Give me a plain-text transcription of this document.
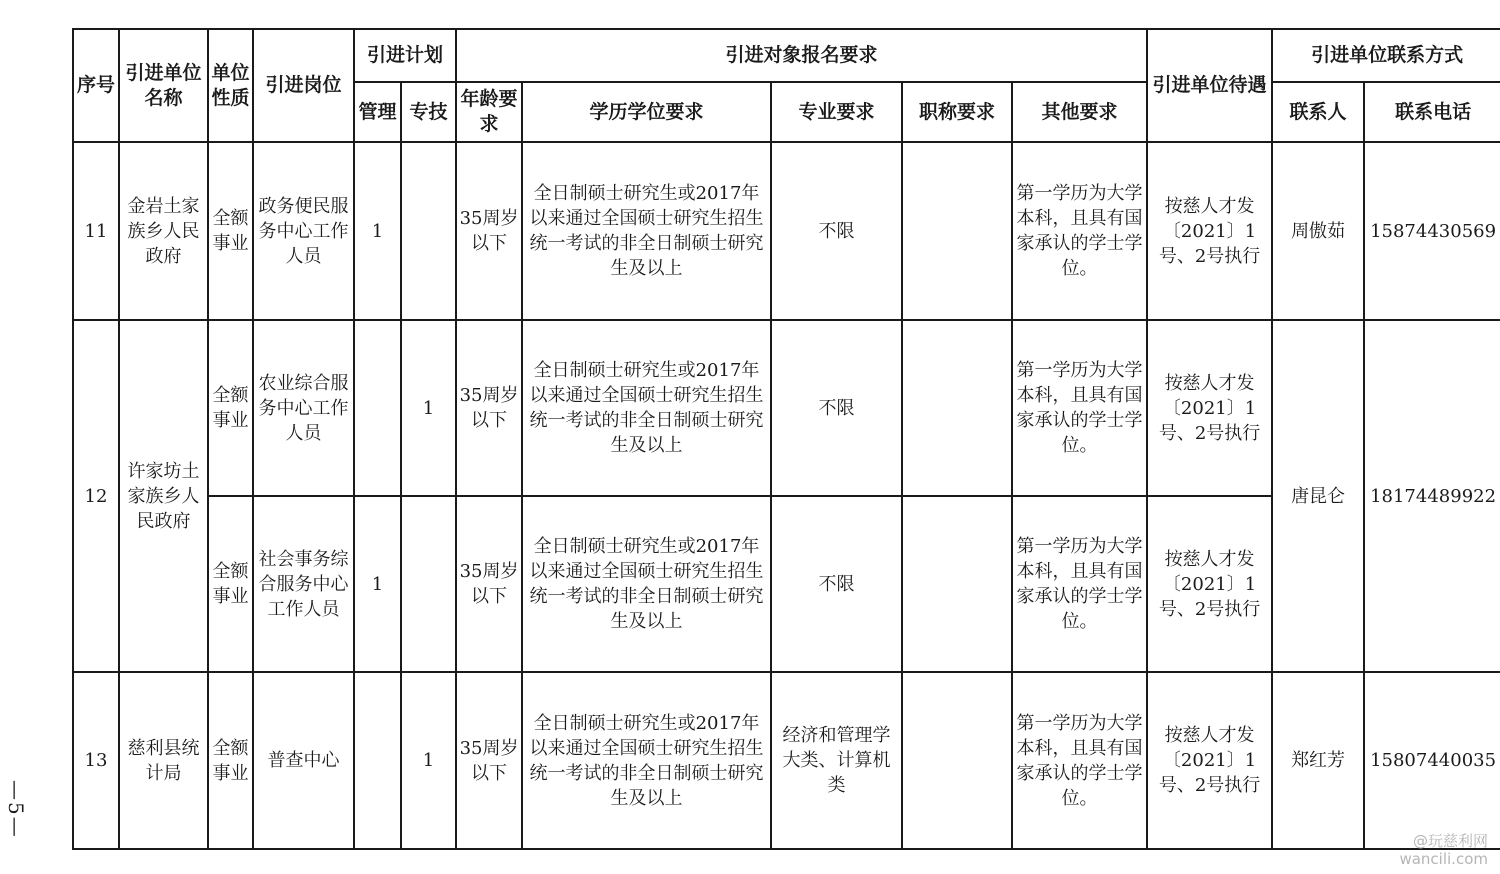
序号	引进单位名称	单位性质	引进岗位	引进计划		引进对象报名要求					引进单位待遇	引进单位联系方式	
				管理	专技	年龄要求	学历学位要求	专业要求	职称要求	其他要求		联系人	联系电话
11	金岩土家族乡人民政府	全额事业	政务便民服务中心工作人员	1		35周岁以下	全日制硕士研究生或2017年以来通过全国硕士研究生招生统一考试的非全日制硕士研究生及以上	不限		第一学历为大学本科，且具有国家承认的学士学位。	按慈人才发〔2021〕1号、2号执行	周傲茹	15874430569
12	许家坊土家族乡人民政府	全额事业	农业综合服务中心工作人员		1	35周岁以下	全日制硕士研究生或2017年以来通过全国硕士研究生招生统一考试的非全日制硕士研究生及以上	不限		第一学历为大学本科，且具有国家承认的学士学位。	按慈人才发〔2021〕1号、2号执行	唐昆仑	18174489922
		全额事业	社会事务综合服务中心工作人员	1		35周岁以下	全日制硕士研究生或2017年以来通过全国硕士研究生招生统一考试的非全日制硕士研究生及以上	不限		第一学历为大学本科，且具有国家承认的学士学位。	按慈人才发〔2021〕1号、2号执行		
13	慈利县统计局	全额事业	普查中心		1	35周岁以下	全日制硕士研究生或2017年以来通过全国硕士研究生招生统一考试的非全日制硕士研究生及以上	经济和管理学大类、计算机类		第一学历为大学本科，且具有国家承认的学士学位。	按慈人才发〔2021〕1号、2号执行	郑红芳	15807440035
—5—
@玩慈利网
wancili.com
